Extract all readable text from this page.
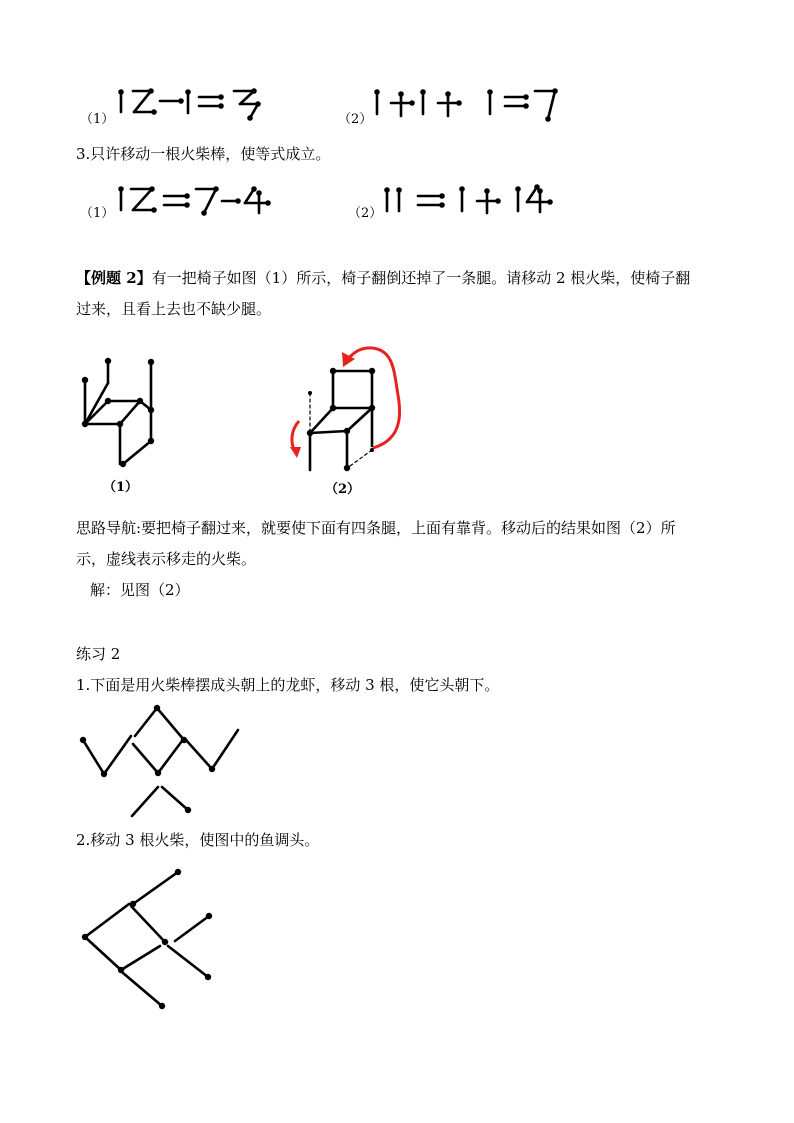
（1）	（2）
3.只许移动一根火柴棒，使等式成立。
（1）	（2）
【例题 2】有一把椅子如图（1）所示，椅子翻倒还掉了一条腿。请移动 2 根火柴，使椅子翻
过来，且看上去也不缺少腿。
（1）	（2）
思路导航:要把椅子翻过来，就要使下面有四条腿，上面有靠背。移动后的结果如图（2）所
示，虚线表示移走的火柴。
解：见图（2）
练习 2
1.下面是用火柴棒摆成头朝上的龙虾，移动 3 根，使它头朝下。
2.移动 3 根火柴，使图中的鱼调头。
